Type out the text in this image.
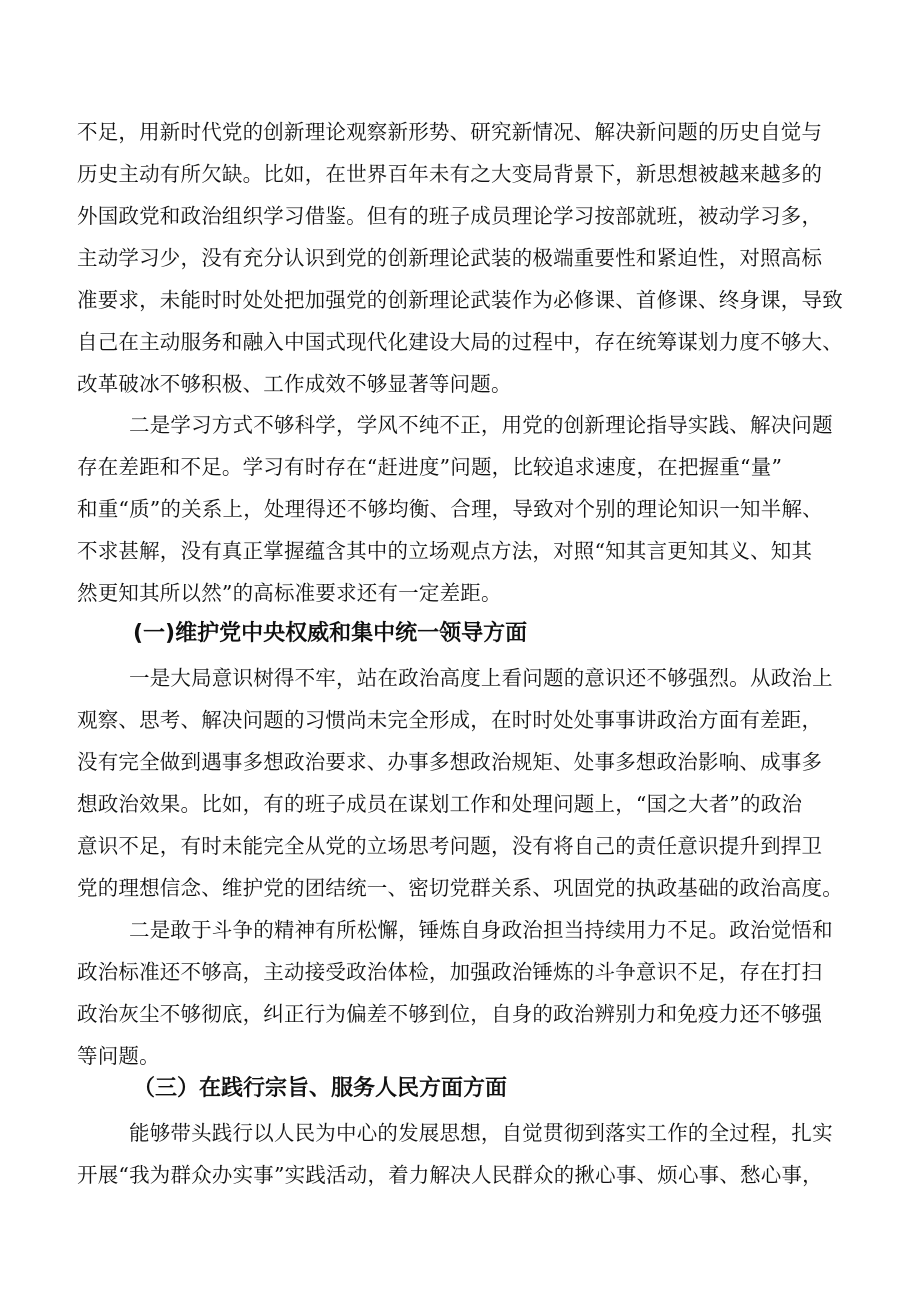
不足，用新时代党的创新理论观察新形势、研究新情况、解决新问题的历史自觉与
历史主动有所欠缺。比如，在世界百年未有之大变局背景下，新思想被越来越多的
外国政党和政治组织学习借鉴。但有的班子成员理论学习按部就班，被动学习多，
主动学习少，没有充分认识到党的创新理论武装的极端重要性和紧迫性，对照高标
准要求，未能时时处处把加强党的创新理论武装作为必修课、首修课、终身课，导致
自己在主动服务和融入中国式现代化建设大局的过程中，存在统筹谋划力度不够大、
改革破冰不够积极、工作成效不够显著等问题。
二是学习方式不够科学，学风不纯不正，用党的创新理论指导实践、解决问题
存在差距和不足。学习有时存在“赶进度”问题，比较追求速度，在把握重“量”
和重“质”的关系上，处理得还不够均衡、合理，导致对个别的理论知识一知半解、
不求甚解，没有真正掌握蕴含其中的立场观点方法，对照“知其言更知其义、知其
然更知其所以然”的高标准要求还有一定差距。
(一)维护党中央权威和集中统一领导方面
一是大局意识树得不牢，站在政治高度上看问题的意识还不够强烈。从政治上
观察、思考、解决问题的习惯尚未完全形成，在时时处处事事讲政治方面有差距，
没有完全做到遇事多想政治要求、办事多想政治规矩、处事多想政治影响、成事多
想政治效果。比如，有的班子成员在谋划工作和处理问题上，“国之大者”的政治
意识不足，有时未能完全从党的立场思考问题，没有将自己的责任意识提升到捍卫
党的理想信念、维护党的团结统一、密切党群关系、巩固党的执政基础的政治高度。
二是敢于斗争的精神有所松懈，锤炼自身政治担当持续用力不足。政治觉悟和
政治标准还不够高，主动接受政治体检，加强政治锤炼的斗争意识不足，存在打扫
政治灰尘不够彻底，纠正行为偏差不够到位，自身的政治辨别力和免疫力还不够强
等问题。
（三）在践行宗旨、服务人民方面方面
能够带头践行以人民为中心的发展思想，自觉贯彻到落实工作的全过程，扎实
开展“我为群众办实事”实践活动，着力解决人民群众的揪心事、烦心事、愁心事，
